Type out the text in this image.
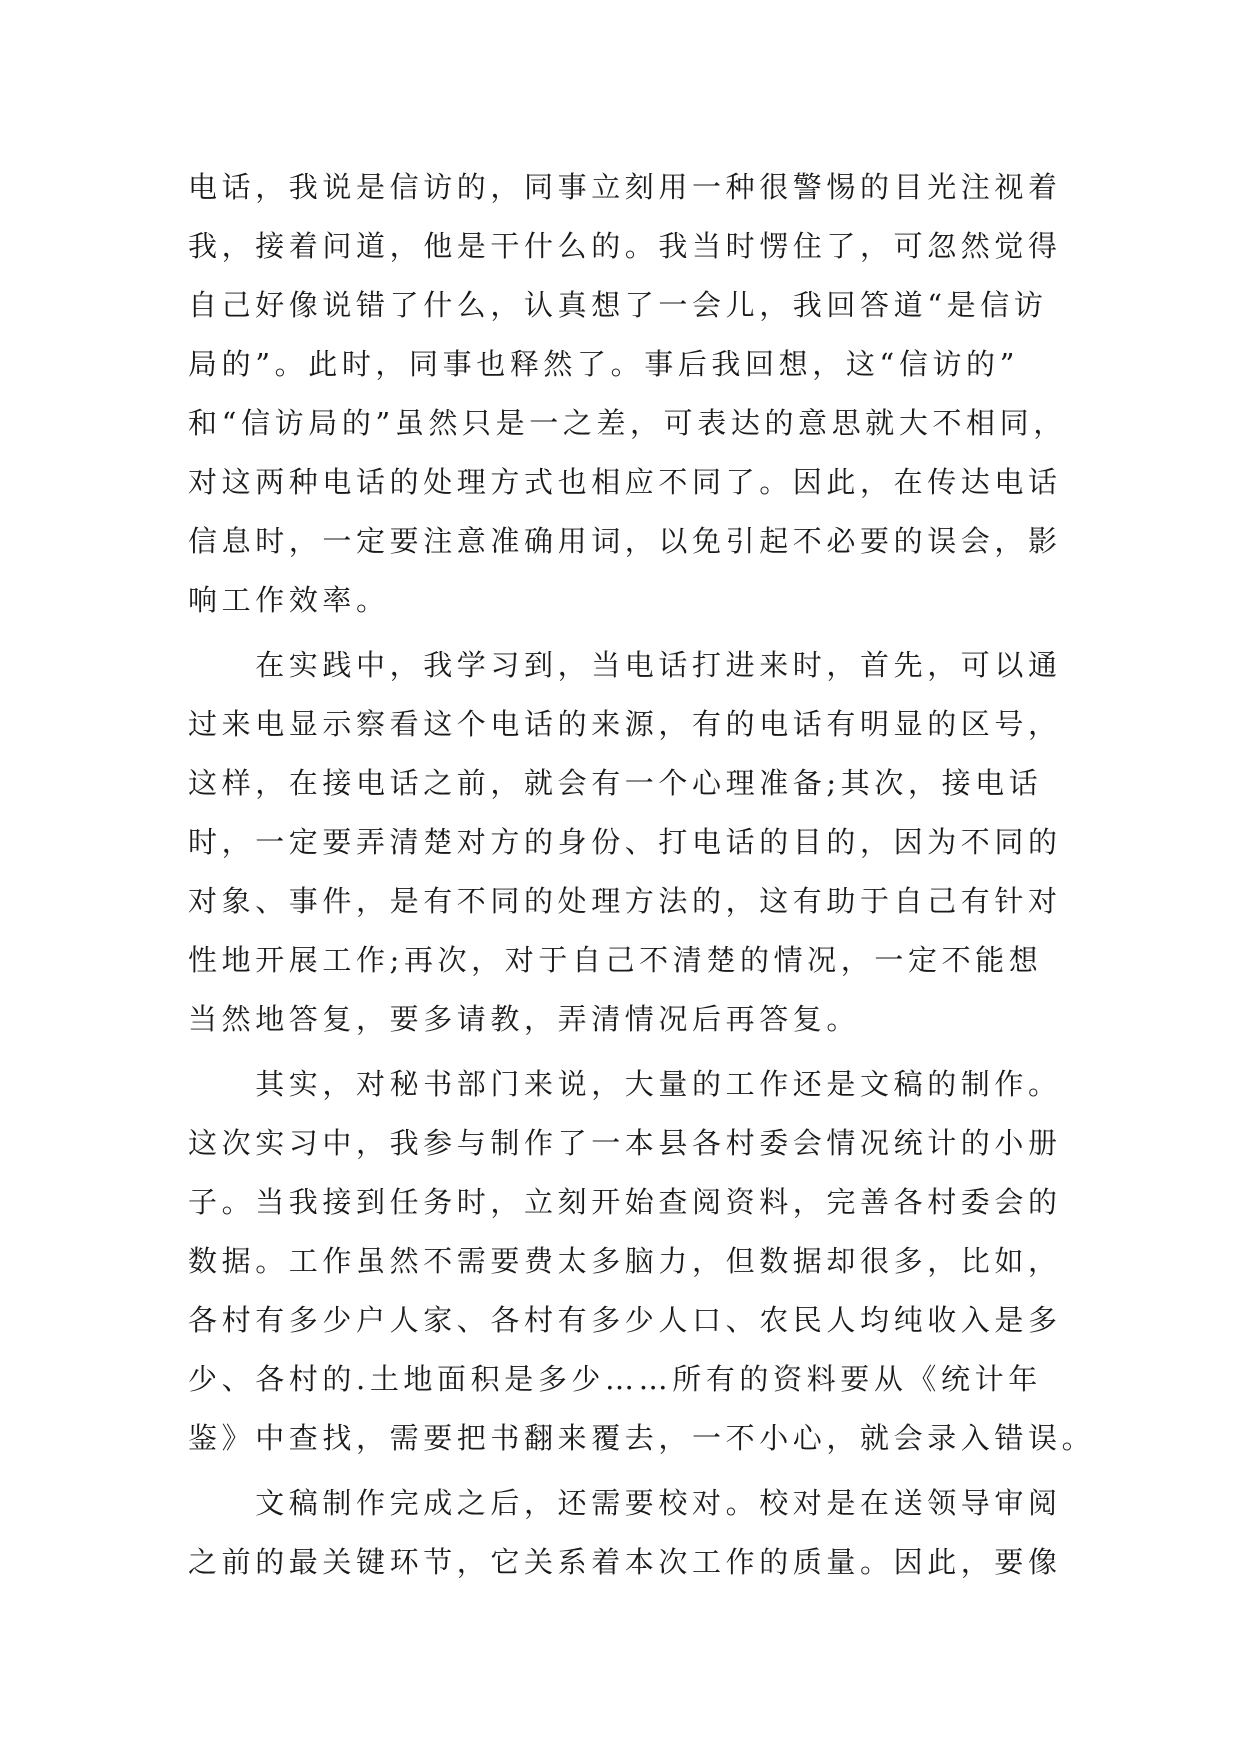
电话，我说是信访的，同事立刻用一种很警惕的目光注视着
我，接着问道，他是干什么的。我当时愣住了，可忽然觉得
自己好像说错了什么，认真想了一会儿，我回答道“是信访
局的”。此时，同事也释然了。事后我回想，这“信访的”
和“信访局的”虽然只是一之差，可表达的意思就大不相同，
对这两种电话的处理方式也相应不同了。因此，在传达电话
信息时，一定要注意准确用词，以免引起不必要的误会，影
响工作效率。
　　在实践中，我学习到，当电话打进来时，首先，可以通
过来电显示察看这个电话的来源，有的电话有明显的区号，
这样，在接电话之前，就会有一个心理准备;其次，接电话
时，一定要弄清楚对方的身份、打电话的目的，因为不同的
对象、事件，是有不同的处理方法的，这有助于自己有针对
性地开展工作;再次，对于自己不清楚的情况，一定不能想
当然地答复，要多请教，弄清情况后再答复。
　　其实，对秘书部门来说，大量的工作还是文稿的制作。
这次实习中，我参与制作了一本县各村委会情况统计的小册
子。当我接到任务时，立刻开始查阅资料，完善各村委会的
数据。工作虽然不需要费太多脑力，但数据却很多，比如，
各村有多少户人家、各村有多少人口、农民人均纯收入是多
少、各村的.土地面积是多少……所有的资料要从《统计年
鉴》中查找，需要把书翻来覆去，一不小心，就会录入错误。
　　文稿制作完成之后，还需要校对。校对是在送领导审阅
之前的最关键环节，它关系着本次工作的质量。因此，要像
